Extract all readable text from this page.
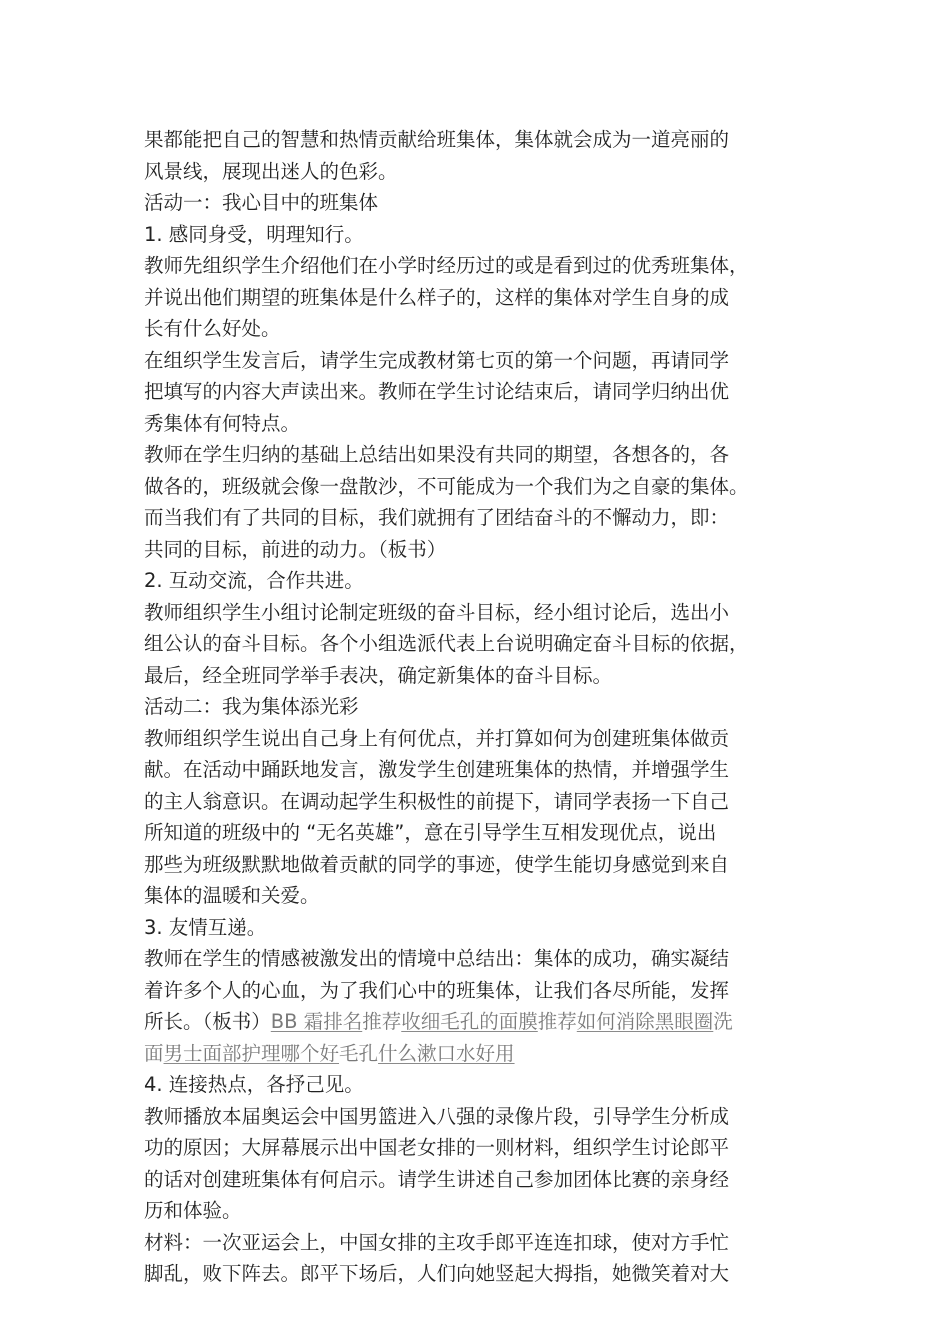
果都能把自己的智慧和热情贡献给班集体，集体就会成为一道亮丽的
风景线，展现出迷人的色彩。
活动一：我心目中的班集体
1. 感同身受，明理知行。
教师先组织学生介绍他们在小学时经历过的或是看到过的优秀班集体，
并说出他们期望的班集体是什么样子的，这样的集体对学生自身的成
长有什么好处。
在组织学生发言后，请学生完成教材第七页的第一个问题，再请同学
把填写的内容大声读出来。教师在学生讨论结束后，请同学归纳出优
秀集体有何特点。
教师在学生归纳的基础上总结出如果没有共同的期望，各想各的，各
做各的，班级就会像一盘散沙，不可能成为一个我们为之自豪的集体。
而当我们有了共同的目标，我们就拥有了团结奋斗的不懈动力，即：
共同的目标，前进的动力。（板书）
2. 互动交流，合作共进。
教师组织学生小组讨论制定班级的奋斗目标，经小组讨论后，选出小
组公认的奋斗目标。各个小组选派代表上台说明确定奋斗目标的依据，
最后，经全班同学举手表决，确定新集体的奋斗目标。
活动二：我为集体添光彩
教师组织学生说出自己身上有何优点，并打算如何为创建班集体做贡
献。在活动中踊跃地发言，激发学生创建班集体的热情，并增强学生
的主人翁意识。在调动起学生积极性的前提下，请同学表扬一下自己
所知道的班级中的 “无名英雄”，意在引导学生互相发现优点，说出
那些为班级默默地做着贡献的同学的事迹，使学生能切身感觉到来自
集体的温暖和关爱。
3. 友情互递。
教师在学生的情感被激发出的情境中总结出：集体的成功，确实凝结
着许多个人的心血，为了我们心中的班集体，让我们各尽所能，发挥
所长。（板书）BB 霜排名推荐收细毛孔的面膜推荐如何消除黑眼圈洗
面男士面部护理哪个好毛孔什么漱口水好用
4. 连接热点，各抒己见。
教师播放本届奥运会中国男篮进入八强的录像片段，引导学生分析成
功的原因；大屏幕展示出中国老女排的一则材料，组织学生讨论郎平
的话对创建班集体有何启示。请学生讲述自己参加团体比赛的亲身经
历和体验。
材料：一次亚运会上，中国女排的主攻手郎平连连扣球，使对方手忙
脚乱，败下阵去。郎平下场后，人们向她竖起大拇指，她微笑着对大
